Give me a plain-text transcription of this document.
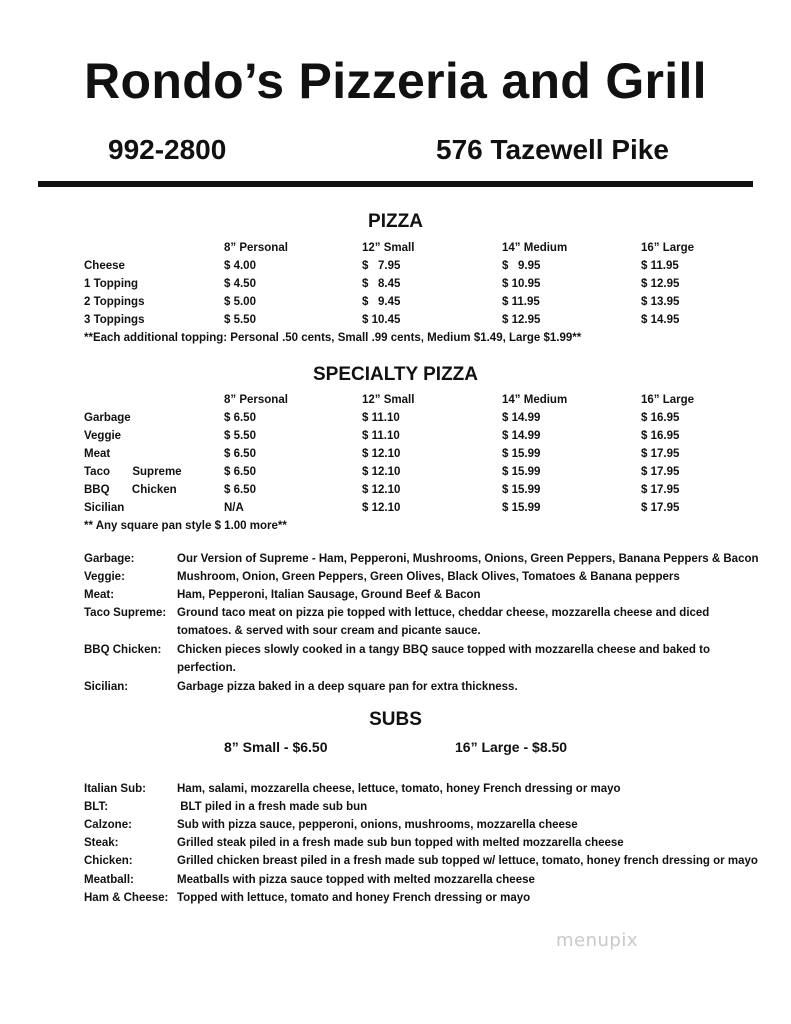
Rondo’s Pizzeria and Grill
992-2800	576 Tazewell Pike
PIZZA
8” Personal	12” Small	14” Medium	16” Large
Cheese	$ 4.00	$   7.95	$   9.95	$ 11.95
1 Topping	$ 4.50	$   8.45	$ 10.95	$ 12.95
2 Toppings	$ 5.00	$   9.45	$ 11.95	$ 13.95
3 Toppings	$ 5.50	$ 10.45	$ 12.95	$ 14.95
**Each additional topping: Personal .50 cents, Small .99 cents, Medium $1.49, Large $1.99**
SPECIALTY PIZZA
8” Personal	12” Small	14” Medium	16” Large
Garbage	$ 6.50	$ 11.10	$ 14.99	$ 16.95
Veggie	$ 5.50	$ 11.10	$ 14.99	$ 16.95
Meat	$ 6.50	$ 12.10	$ 15.99	$ 17.95
Taco       Supreme	$ 6.50	$ 12.10	$ 15.99	$ 17.95
BBQ       Chicken	$ 6.50	$ 12.10	$ 15.99	$ 17.95
Sicilian	N/A	$ 12.10	$ 15.99	$ 17.95
** Any square pan style $ 1.00 more**
Garbage:	Our Version of Supreme - Ham, Pepperoni, Mushrooms, Onions, Green Peppers, Banana Peppers & Bacon
Veggie:	Mushroom, Onion, Green Peppers, Green Olives, Black Olives, Tomatoes & Banana peppers
Meat:	Ham, Pepperoni, Italian Sausage, Ground Beef & Bacon
Taco Supreme: Ground taco meat on pizza pie topped with lettuce, cheddar cheese, mozzarella cheese and diced tomatoes. & served with sour cream and picante sauce.
BBQ Chicken: Chicken pieces slowly cooked in a tangy BBQ sauce topped with mozzarella cheese and baked to perfection.
Sicilian:	Garbage pizza baked in a deep square pan for extra thickness.
SUBS
8” Small - $6.50	16” Large - $8.50
Italian Sub:	Ham, salami, mozzarella cheese, lettuce, tomato, honey French dressing or mayo
BLT:	BLT piled in a fresh made sub bun
Calzone:	Sub with pizza sauce, pepperoni, onions, mushrooms, mozzarella cheese
Steak:	Grilled steak piled in a fresh made sub bun topped with melted mozzarella cheese
Chicken:	Grilled chicken breast piled in a fresh made sub topped w/ lettuce, tomato, honey french dressing or mayo
Meatball:	Meatballs with pizza sauce topped with melted mozzarella cheese
Ham & Cheese: Topped with lettuce, tomato and honey French dressing or mayo
menupix
